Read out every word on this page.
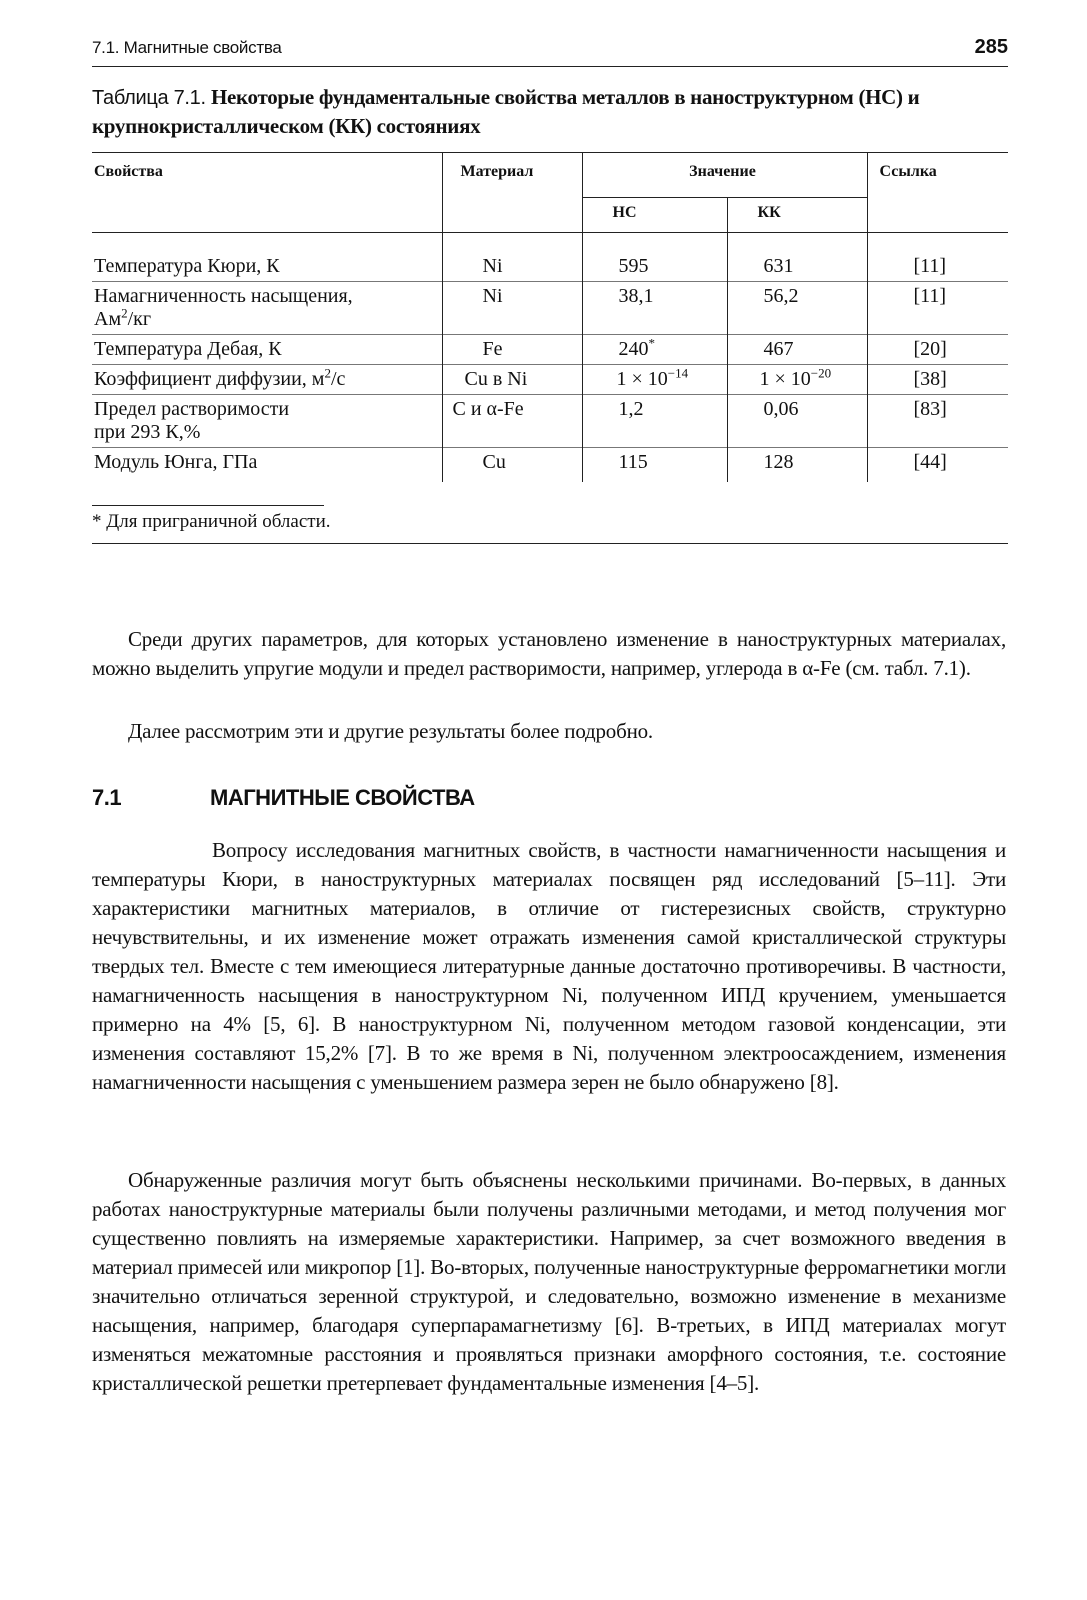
7.1. Магнитные свойства	285
Таблица 7.1. Некоторые фундаментальные свойства металлов в наноструктурном (НС) и крупнокристаллическом (КК) состояниях
Свойства	Материал	Значение		Ссылка
		НС	КК	
Температура Кюри, К	Ni	595	631	[11]
Намагниченность насыщения,
$Ам^2/кг$	Ni	38,1	56,2	[11]
Температура Дебая, К	Fe	240*	467	[20]
Коэффициент диффузии, $м^2/с$	Cu в Ni	$1 \times 10^{-14}$	$1 \times 10^{-20}$	[38]
Предел растворимости
при 293 К,%	С и α-Fe	1,2	0,06	[83]
Модуль Юнга, ГПа	Cu	115	128	[44]
* Для приграничной области.

Среди других параметров, для которых установлено изменение в наноструктурных материалах, можно выделить упругие модули и предел растворимости, например, углерода в α-Fe (см. табл. 7.1).

Далее рассмотрим эти и другие результаты более подробно.

7.1	МАГНИТНЫЕ СВОЙСТВА

Вопросу исследования магнитных свойств, в частности намагниченности насыщения и температуры Кюри, в наноструктурных материалах посвящен ряд исследований [5–11]. Эти характеристики магнитных материалов, в отличие от гистерезисных свойств, структурно нечувствительны, и их изменение может отражать изменения самой кристаллической структуры твердых тел. Вместе с тем имеющиеся литературные данные достаточно противоречивы. В частности, намагниченность насыщения в наноструктурном Ni, полученном ИПД кручением, уменьшается примерно на 4% [5, 6]. В наноструктурном Ni, полученном методом газовой конденсации, эти изменения составляют 15,2% [7]. В то же время в Ni, полученном электроосаждением, изменения намагниченности насыщения с уменьшением размера зерен не было обнаружено [8].

Обнаруженные различия могут быть объяснены несколькими причинами. Во-первых, в данных работах наноструктурные материалы были получены различными методами, и метод получения мог существенно повлиять на измеряемые характеристики. Например, за счет возможного введения в материал примесей или микропор [1]. Во-вторых, полученные наноструктурные ферромагнетики могли значительно отличаться зеренной структурой, и следовательно, возможно изменение в механизме насыщения, например, благодаря суперпарамагнетизму [6]. В-третьих, в ИПД материалах могут изменяться межатомные расстояния и проявляться признаки аморфного состояния, т.е. состояние кристаллической решетки претерпевает фундаментальные изменения [4–5].
